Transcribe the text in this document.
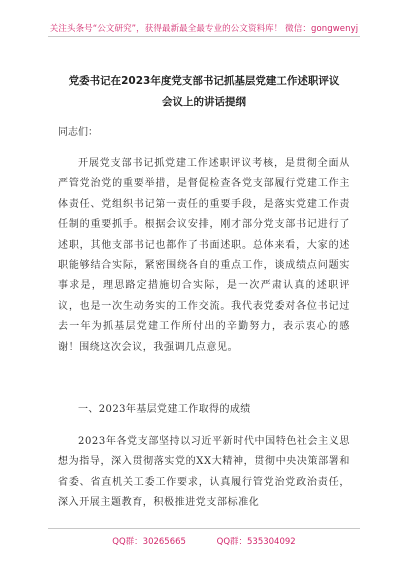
关注头条号“公文研究”，获得最新最全最专业的公文资料库！ 微信：gongwenyj
党委书记在2023年度党支部书记抓基层党建工作述职评议
会议上的讲话提纲
同志们：
开展党支部书记抓党建工作述职评议考核，是贯彻全面从严管党治党的重要举措，是督促检查各党支部履行党建工作主体责任、党组织书记第一责任的重要手段，是落实党建工作责任制的重要抓手。根据会议安排，刚才部分党支部书记进行了述职，其他支部书记也都作了书面述职。总体来看，大家的述职能够结合实际，紧密围绕各自的重点工作，谈成绩点问题实事求是，理思路定措施切合实际，是一次严肃认真的述职评议，也是一次生动务实的工作交流。我代表党委对各位书记过去一年为抓基层党建工作所付出的辛勤努力，表示衷心的感谢！围绕这次会议，我强调几点意见。
一、2023年基层党建工作取得的成绩
2023年各党支部坚持以习近平新时代中国特色社会主义思想为指导，深入贯彻落实党的XX大精神，贯彻中央决策部署和省委、省直机关工委工作要求，认真履行管党治党政治责任，深入开展主题教育，积极推进党支部标准化
QQ群：30265665	QQ群：535304092
